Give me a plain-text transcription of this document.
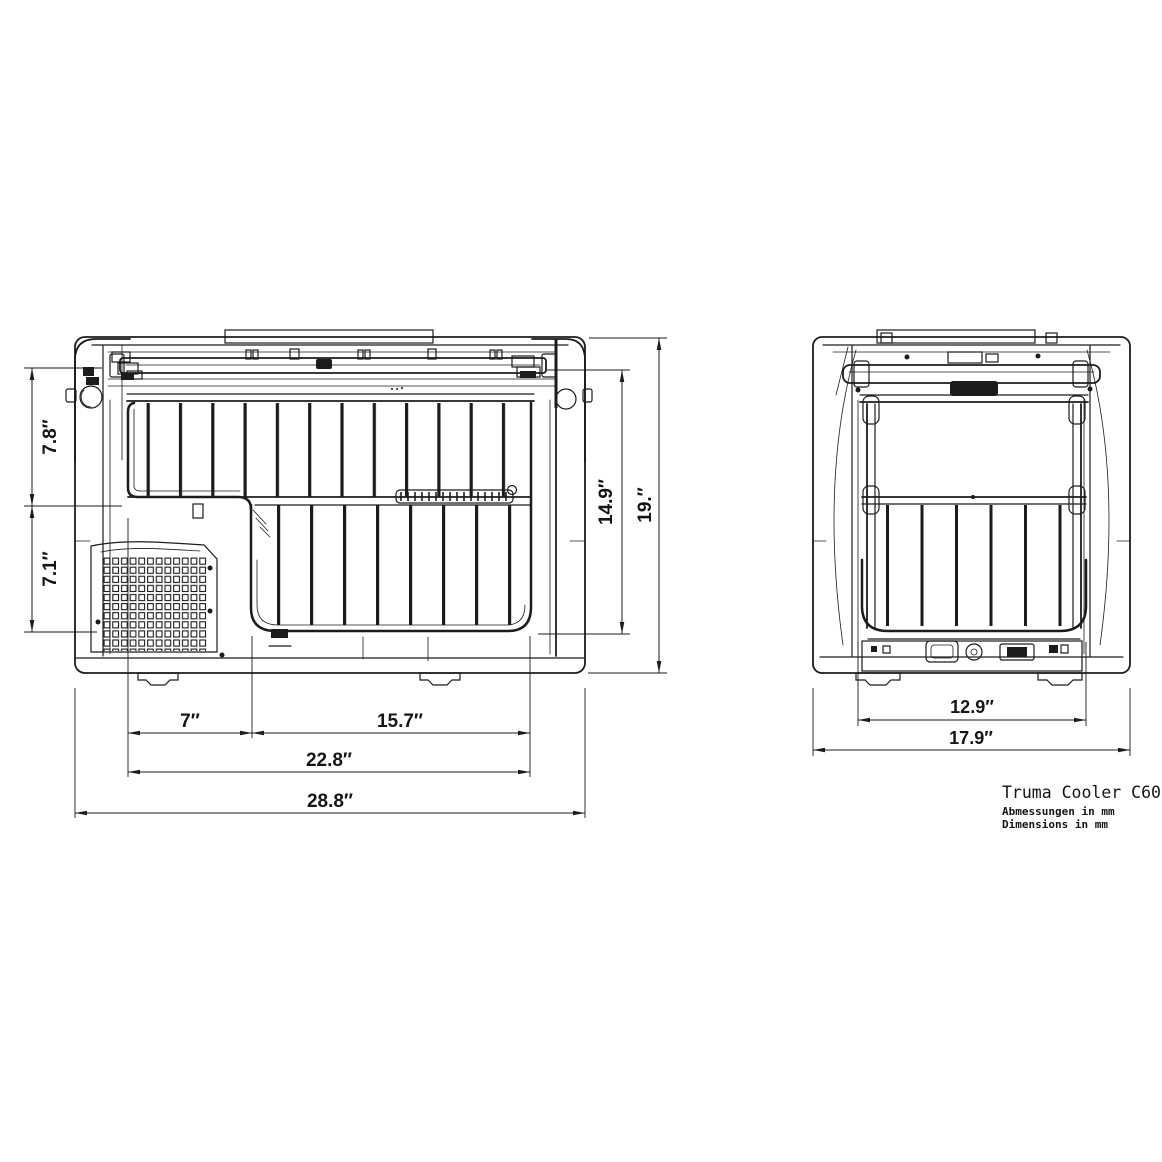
7.8″
7.1″
14.9″ 19.″
7″	15.7″
22.8″
28.8″
12.9″
17.9″
Truma Cooler C60
Abmessungen in mm
Dimensions in mm
